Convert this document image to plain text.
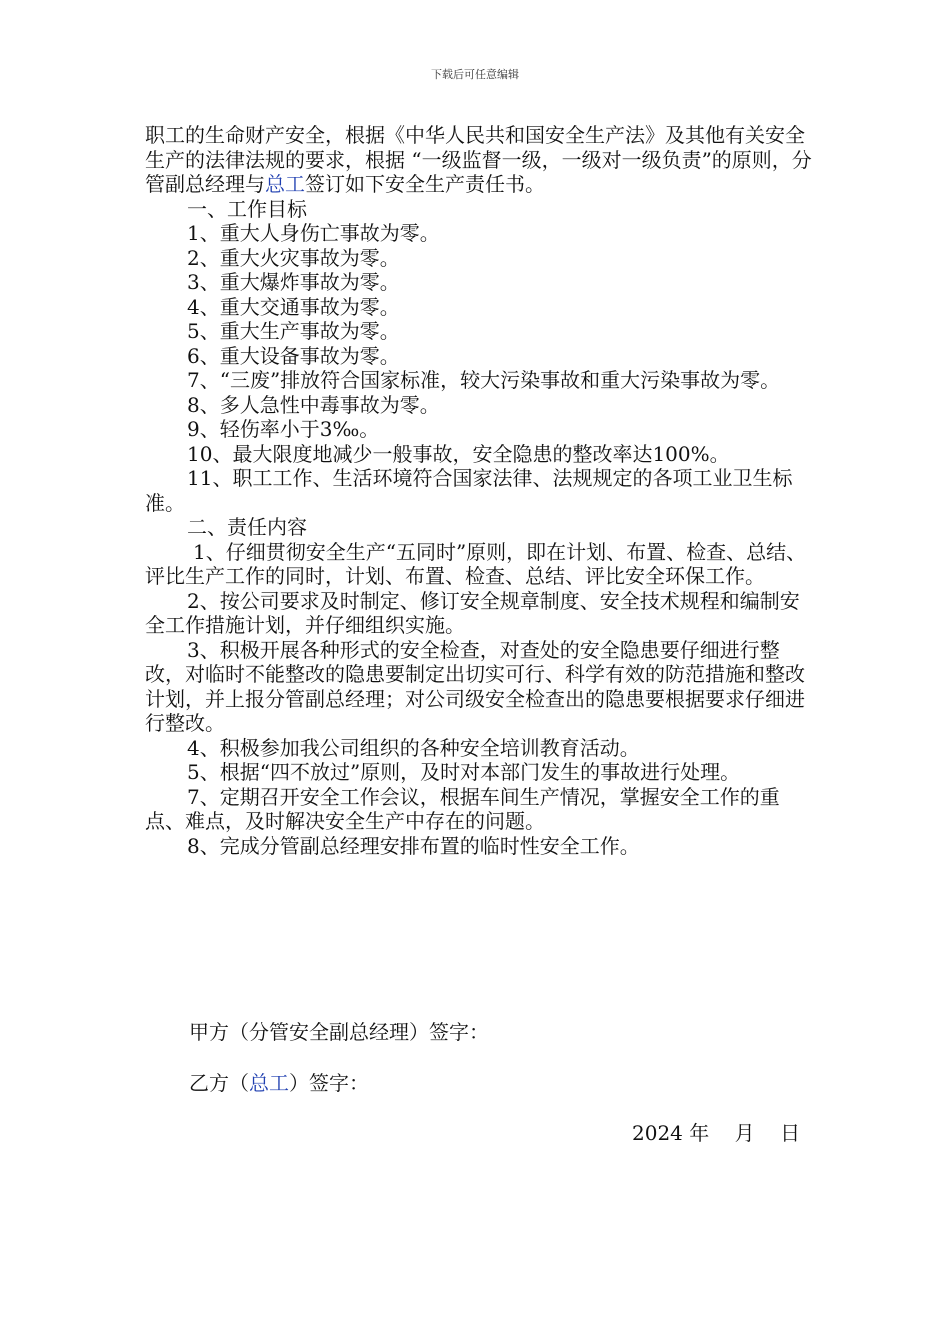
下载后可任意编辑

职工的生命财产安全，根据《中华人民共和国安全生产法》及其他有关安全生产的法律法规的要求，根据 “一级监督一级，一级对一级负责”的原则，分管副总经理与总工签订如下安全生产责任书。

一、工作目标

1、重大人身伤亡事故为零。

2、重大火灾事故为零。

3、重大爆炸事故为零。

4、重大交通事故为零。

5、重大生产事故为零。

6、重大设备事故为零。

7、“三废”排放符合国家标准，较大污染事故和重大污染事故为零。

8、多人急性中毒事故为零。

9、轻伤率小于3‰。

10、最大限度地减少一般事故，安全隐患的整改率达100%。

11、职工工作、生活环境符合国家法律、法规规定的各项工业卫生标准。

二、责任内容

1、仔细贯彻安全生产“五同时”原则，即在计划、布置、检查、总结、评比生产工作的同时，计划、布置、检查、总结、评比安全环保工作。

2、按公司要求及时制定、修订安全规章制度、安全技术规程和编制安全工作措施计划，并仔细组织实施。

3、积极开展各种形式的安全检查，对查处的安全隐患要仔细进行整改，对临时不能整改的隐患要制定出切实可行、科学有效的防范措施和整改计划，并上报分管副总经理；对公司级安全检查出的隐患要根据要求仔细进行整改。

4、积极参加我公司组织的各种安全培训教育活动。

5、根据“四不放过”原则，及时对本部门发生的事故进行处理。

7、定期召开安全工作会议，根据车间生产情况，掌握安全工作的重点、难点，及时解决安全生产中存在的问题。

8、完成分管副总经理安排布置的临时性安全工作。

甲方（分管安全副总经理）签字：
乙方（总工）签字：
2024 年    月    日
